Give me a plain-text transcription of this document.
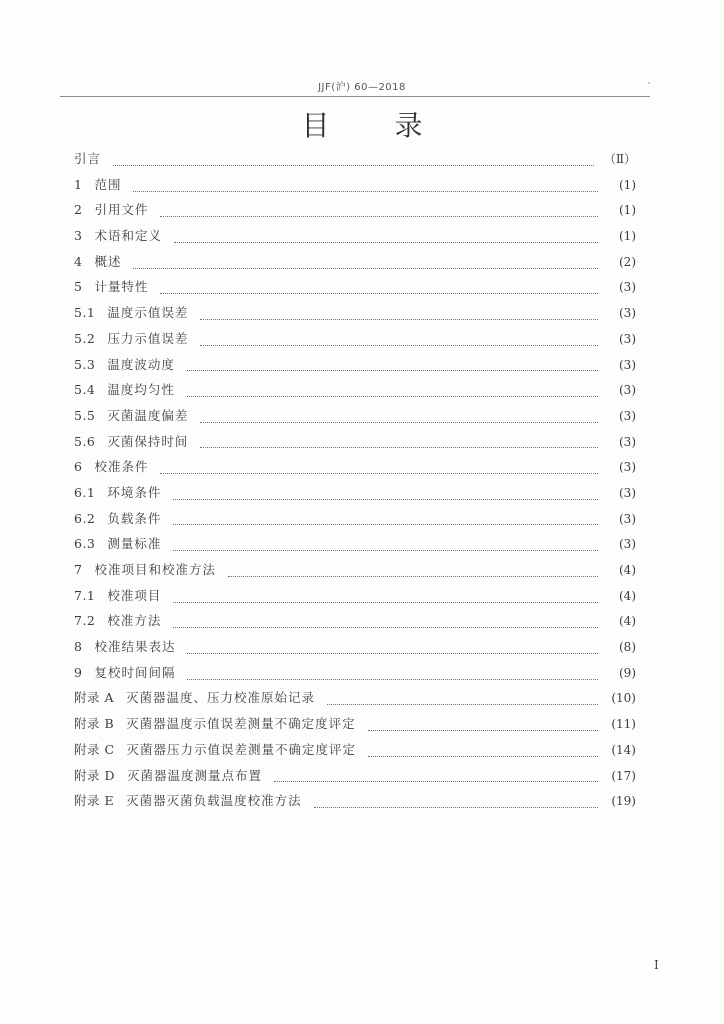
JJF(沪) 60—2018
目 录
引言	（Ⅱ）
1 范围	(1)
2 引用文件	(1)
3 术语和定义	(1)
4 概述	(2)
5 计量特性	(3)
5.1 温度示值误差	(3)
5.2 压力示值误差	(3)
5.3 温度波动度	(3)
5.4 温度均匀性	(3)
5.5 灭菌温度偏差	(3)
5.6 灭菌保持时间	(3)
6 校准条件	(3)
6.1 环境条件	(3)
6.2 负载条件	(3)
6.3 测量标准	(3)
7 校准项目和校准方法	(4)
7.1 校准项目	(4)
7.2 校准方法	(4)
8 校准结果表达	(8)
9 复校时间间隔	(9)
附录 A 灭菌器温度、压力校准原始记录	(10)
附录 B 灭菌器温度示值误差测量不确定度评定	(11)
附录 C 灭菌器压力示值误差测量不确定度评定	(14)
附录 D 灭菌器温度测量点布置	(17)
附录 E 灭菌器灭菌负载温度校准方法	(19)
I
